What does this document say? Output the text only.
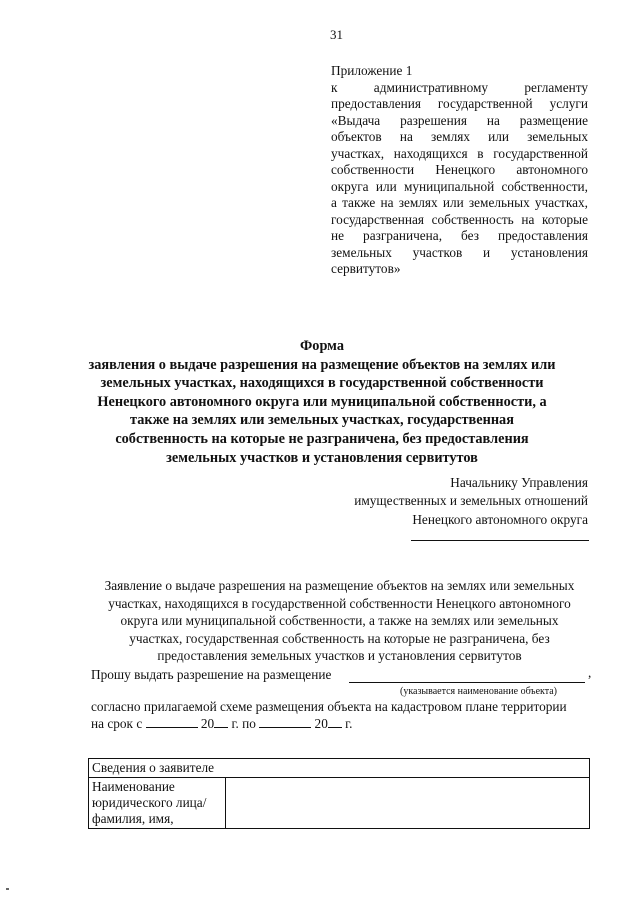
31
Приложение 1
к административному регламенту
предоставления государственной услуги
«Выдача разрешения на размещение
объектов на землях или земельных
участках, находящихся в государственной
собственности Ненецкого автономного
округа или муниципальной собственности,
а также на землях или земельных участках,
государственная собственность на которые
не разграничена, без предоставления
земельных участков и установления
сервитутов»
Форма
заявления о выдаче разрешения на размещение объектов на землях или
земельных участках, находящихся в государственной собственности
Ненецкого автономного округа или муниципальной собственности, а
также на землях или земельных участках, государственная
собственность на которые не разграничена, без предоставления
земельных участков и установления сервитутов
Начальнику Управления
имущественных и земельных отношений
Ненецкого автономного округа
Заявление о выдаче разрешения на размещение объектов на землях или земельных
участках, находящихся в государственной собственности Ненецкого автономного
округа или муниципальной собственности, а также на землях или земельных
участках, государственная собственность на которые не разграничена, без
предоставления земельных участков и установления сервитутов
Прошу выдать разрешение на размещение	,
(указывается наименование объекта)
согласно прилагаемой схеме размещения объекта на кадастровом плане территории
на срок с	20 г. по	20 г.
Сведения о заявителе
Наименование юридического лица/фамилия, имя,	
